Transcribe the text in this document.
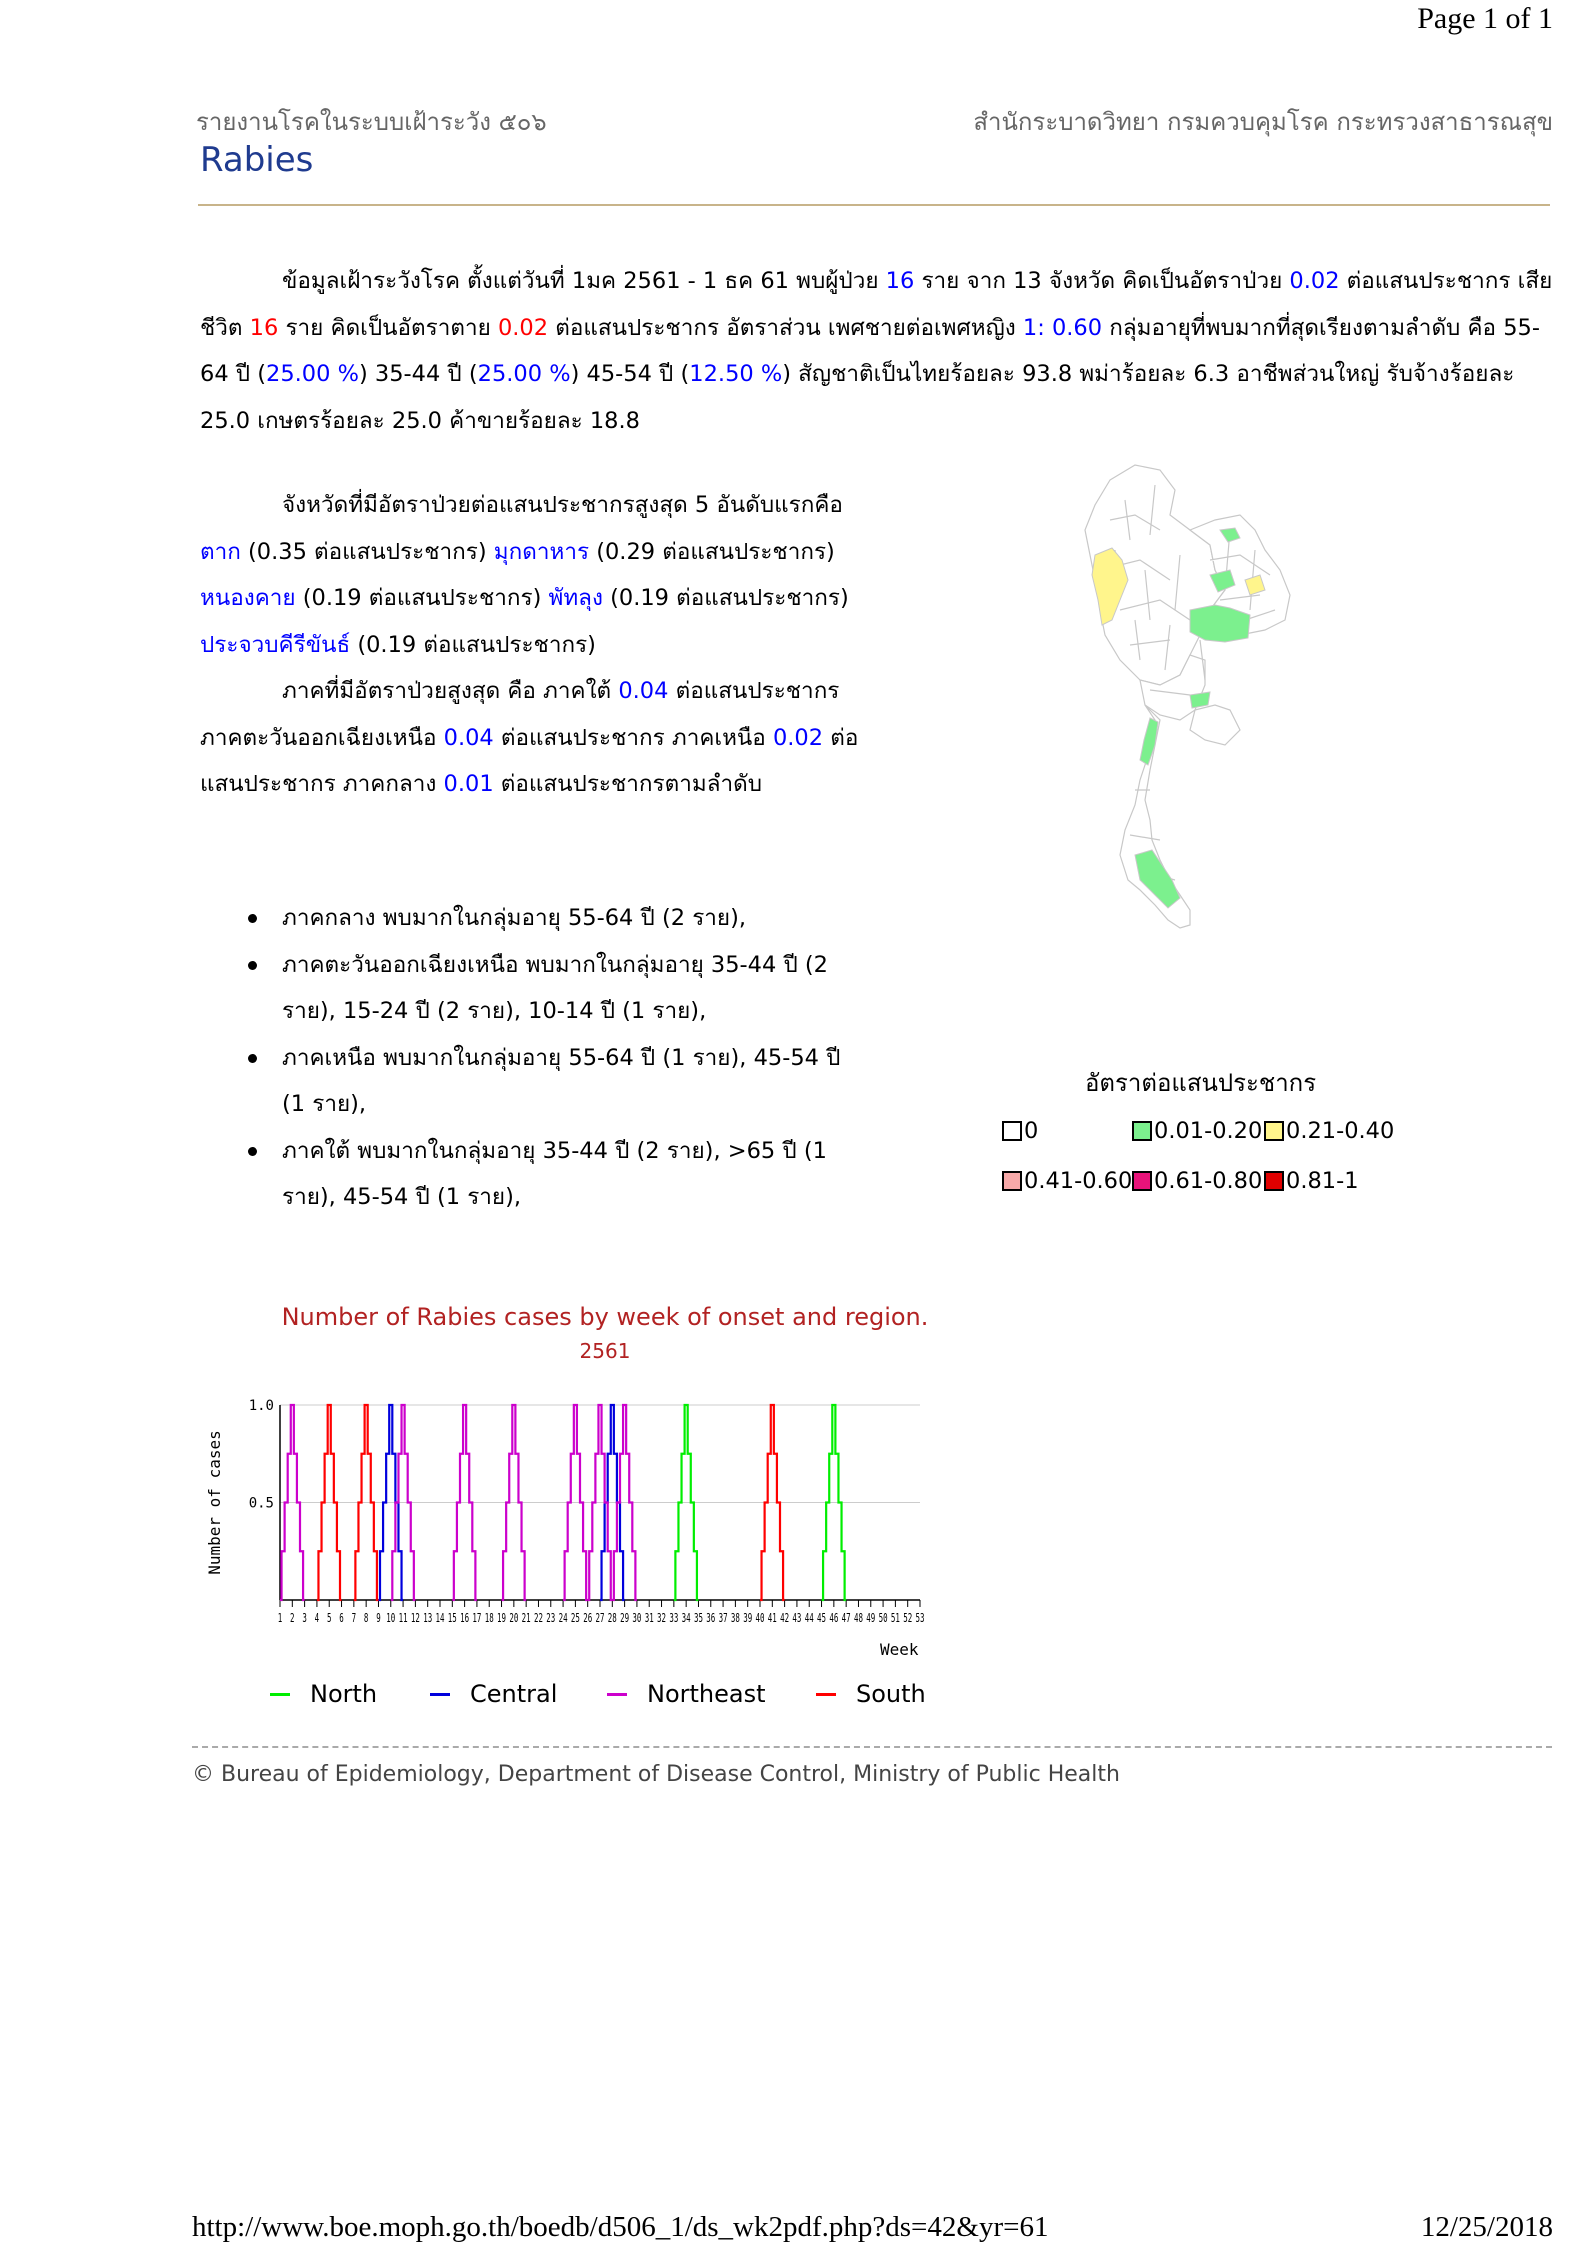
Page 1 of 1
รายงานโรคในระบบเฝ้าระวัง ๕๐๖	สำนักระบาดวิทยา กรมควบคุมโรค กระทรวงสาธารณสุข
Rabies
ข้อมูลเฝ้าระวังโรค ตั้งแต่วันที่ 1มค 2561 - 1 ธค 61 พบผู้ป่วย 16 ราย จาก 13 จังหวัด คิดเป็นอัตราป่วย 0.02 ต่อแสนประชากร เสียชีวิต 16 ราย คิดเป็นอัตราตาย 0.02 ต่อแสนประชากร อัตราส่วน เพศชายต่อเพศหญิง 1: 0.60 กลุ่มอายุที่พบมากที่สุดเรียงตามลำดับ คือ 55-64 ปี (25.00 %) 35-44 ปี (25.00 %) 45-54 ปี (12.50 %) สัญชาติเป็นไทยร้อยละ 93.8 พม่าร้อยละ 6.3 อาชีพส่วนใหญ่ รับจ้างร้อยละ 25.0 เกษตรร้อยละ 25.0 ค้าขายร้อยละ 18.8
จังหวัดที่มีอัตราป่วยต่อแสนประชากรสูงสุด 5 อันดับแรกคือ ตาก (0.35 ต่อแสนประชากร) มุกดาหาร (0.29 ต่อแสนประชากร) หนองคาย (0.19 ต่อแสนประชากร) พัทลุง (0.19 ต่อแสนประชากร) ประจวบคีรีขันธ์ (0.19 ต่อแสนประชากร)
ภาคที่มีอัตราป่วยสูงสุด คือ ภาคใต้ 0.04 ต่อแสนประชากร ภาคตะวันออกเฉียงเหนือ 0.04 ต่อแสนประชากร ภาคเหนือ 0.02 ต่อแสนประชากร ภาคกลาง 0.01 ต่อแสนประชากรตามลำดับ
ภาคกลาง พบมากในกลุ่มอายุ 55-64 ปี (2 ราย),
ภาคตะวันออกเฉียงเหนือ พบมากในกลุ่มอายุ 35-44 ปี (2 ราย), 15-24 ปี (2 ราย), 10-14 ปี (1 ราย),
ภาคเหนือ พบมากในกลุ่มอายุ 55-64 ปี (1 ราย), 45-54 ปี (1 ราย),
ภาคใต้ พบมากในกลุ่มอายุ 35-44 ปี (2 ราย), >65 ปี (1 ราย), 45-54 ปี (1 ราย),
อัตราต่อแสนประชากร
0	0.01-0.20 0.21-0.40
0.41-0.60 0.61-0.80 0.81-1
Number of Rabies cases by week of onset and region.
2561
0.5
1.0
1 2 3 4 5 6 7 8 9 10 11 12 13 14 15 16 17 18 19 20 21 22 23 24 25 26 27 28 29 30 31 32 33 34 35 36 37 38 39 40 41 42 43 44 45 46 47 48 49 50 51 52 53
Number of cases
Week
North	Central	Northeast	South
© Bureau of Epidemiology, Department of Disease Control, Ministry of Public Health
http://www.boe.moph.go.th/boedb/d506_1/ds_wk2pdf.php?ds=42&yr=61	12/25/2018
